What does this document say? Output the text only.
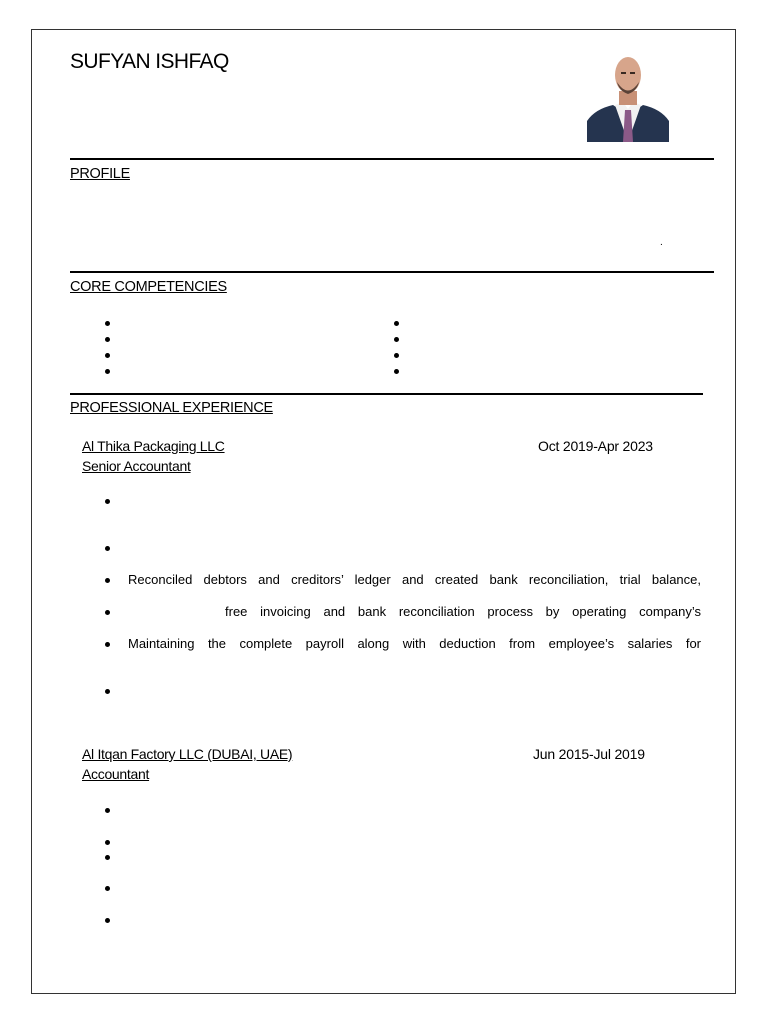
SUFYAN ISHFAQ
PROFILE
.
CORE COMPETENCIES
PROFESSIONAL EXPERIENCE
Al Thika Packaging LLC	Oct 2019-Apr 2023
Senior Accountant
Reconciled debtors and creditors’ ledger and created bank reconciliation, trial balance,
free invoicing and bank reconciliation process by operating company’s
Maintaining the complete payroll along with deduction from employee’s salaries for
Al Itqan Factory LLC (DUBAI, UAE)	Jun 2015-Jul 2019
Accountant
